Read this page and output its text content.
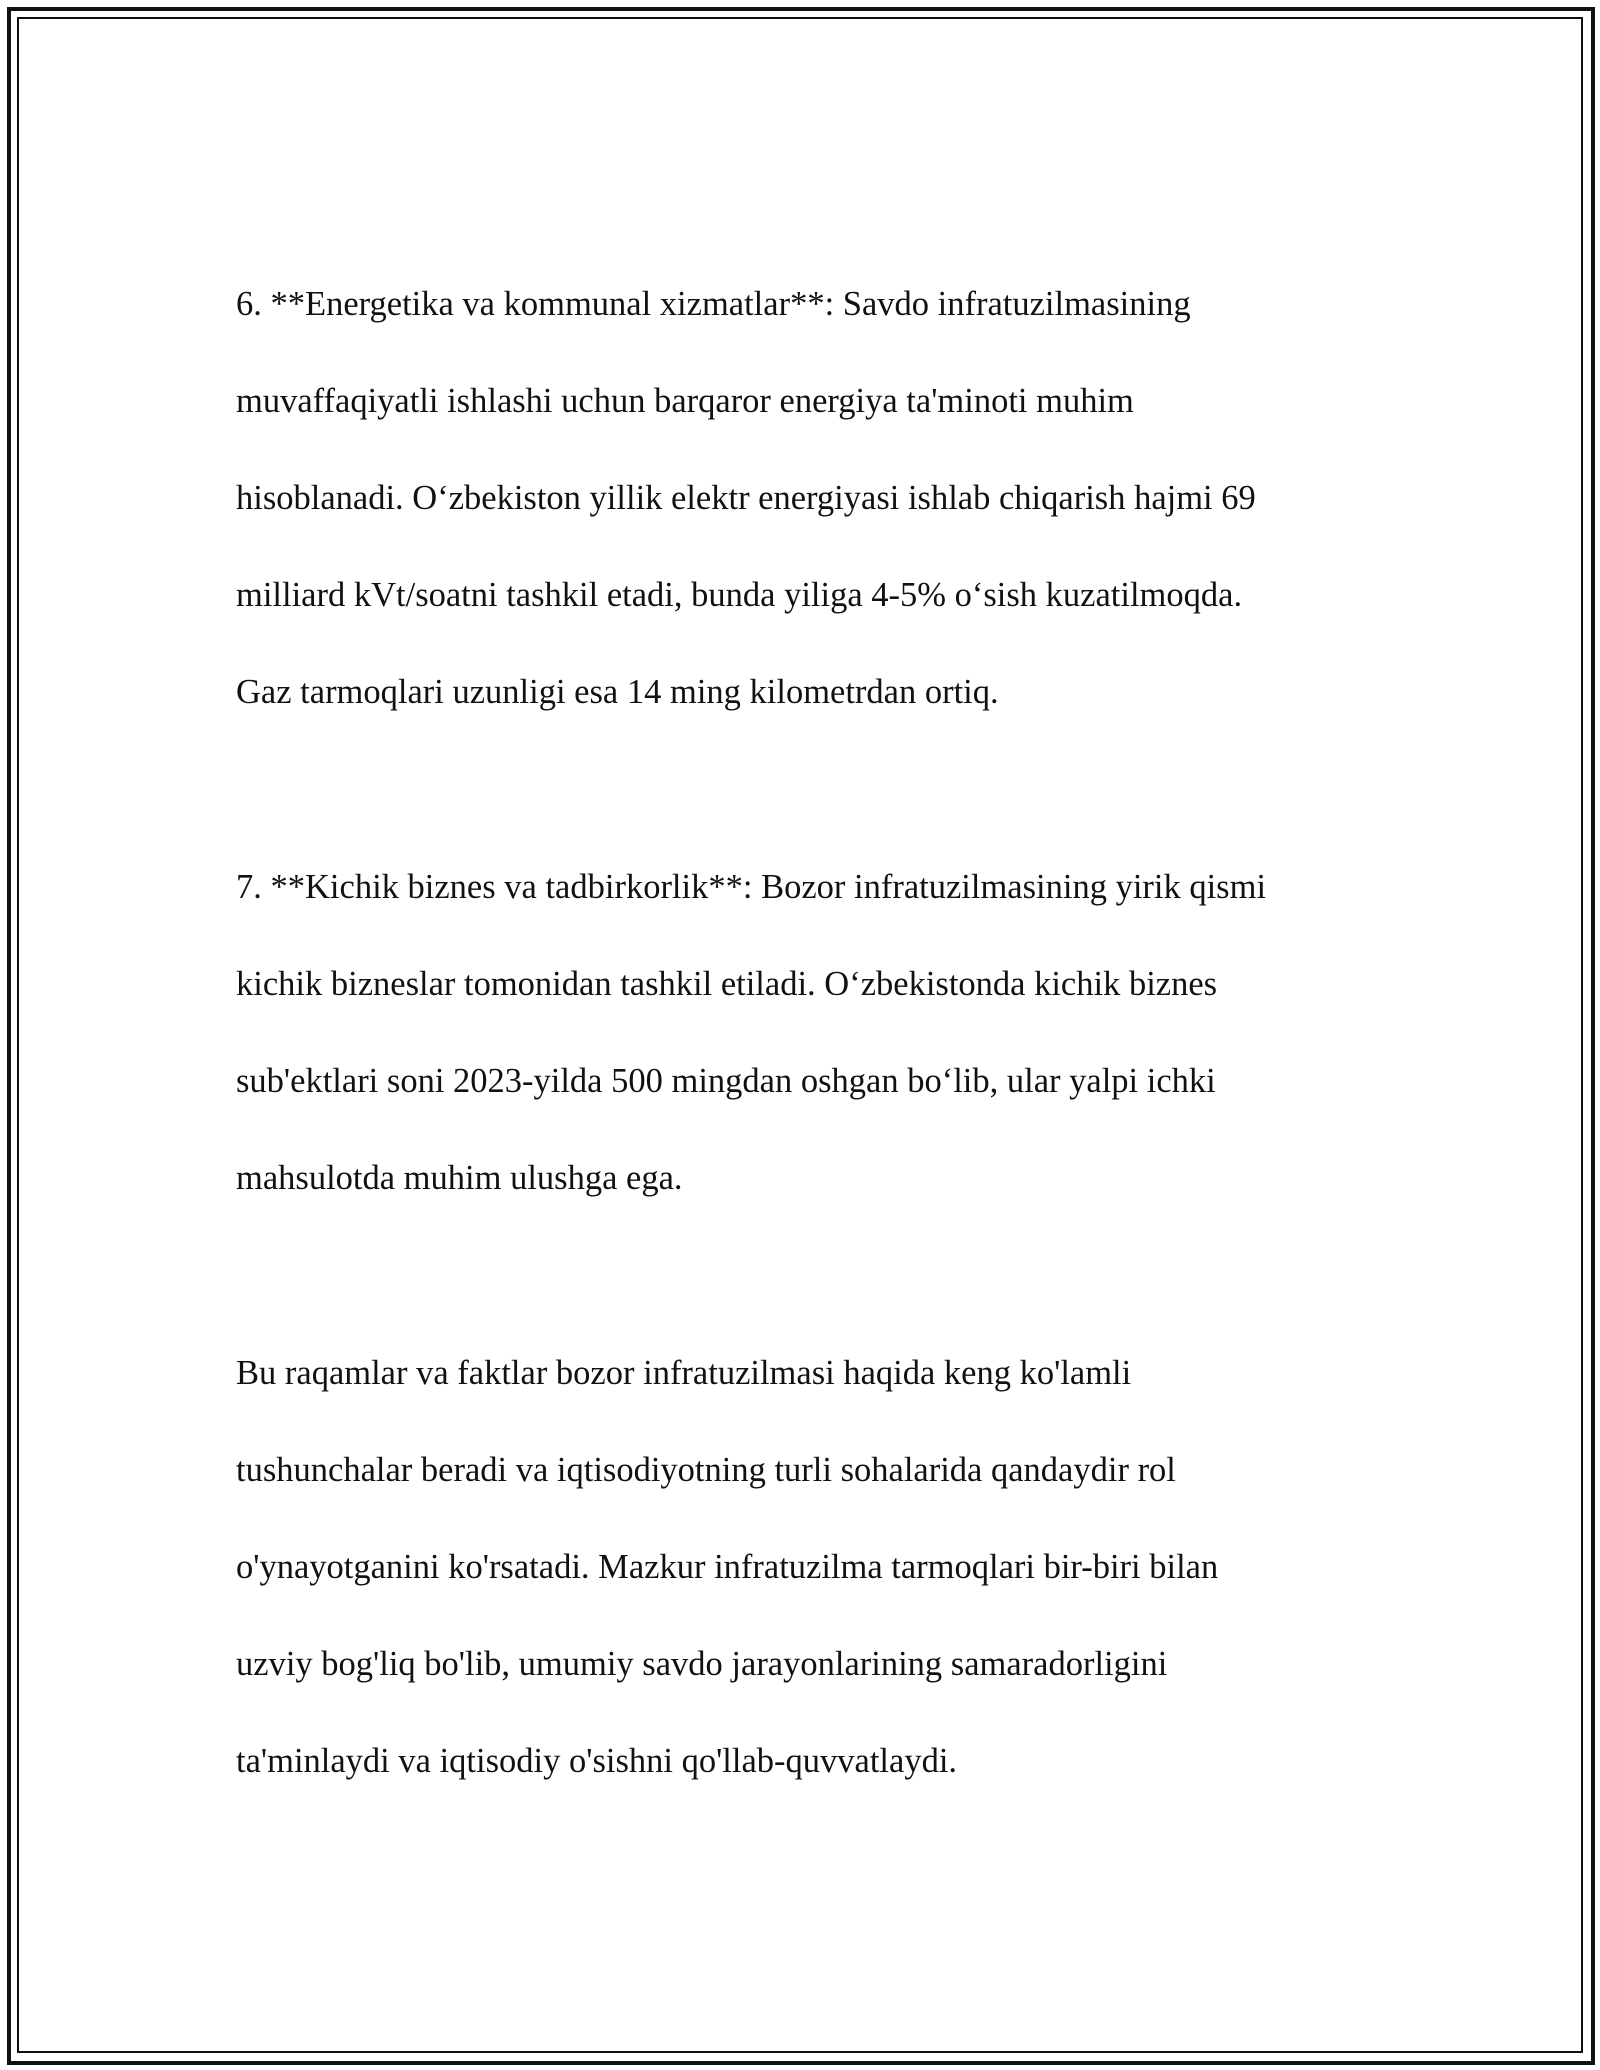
6. **Energetika va kommunal xizmatlar**: Savdo infratuzilmasining

muvaffaqiyatli ishlashi uchun barqaror energiya ta'minoti muhim

hisoblanadi. O‘zbekiston yillik elektr energiyasi ishlab chiqarish hajmi 69

milliard kVt/soatni tashkil etadi, bunda yiliga 4-5% o‘sish kuzatilmoqda.

Gaz tarmoqlari uzunligi esa 14 ming kilometrdan ortiq.

7. **Kichik biznes va tadbirkorlik**: Bozor infratuzilmasining yirik qismi

kichik bizneslar tomonidan tashkil etiladi. O‘zbekistonda kichik biznes

sub'ektlari soni 2023-yilda 500 mingdan oshgan bo‘lib, ular yalpi ichki

mahsulotda muhim ulushga ega.

Bu raqamlar va faktlar bozor infratuzilmasi haqida keng ko'lamli

tushunchalar beradi va iqtisodiyotning turli sohalarida qandaydir rol

o'ynayotganini ko'rsatadi. Mazkur infratuzilma tarmoqlari bir-biri bilan

uzviy bog'liq bo'lib, umumiy savdo jarayonlarining samaradorligini

ta'minlaydi va iqtisodiy o'sishni qo'llab-quvvatlaydi.
